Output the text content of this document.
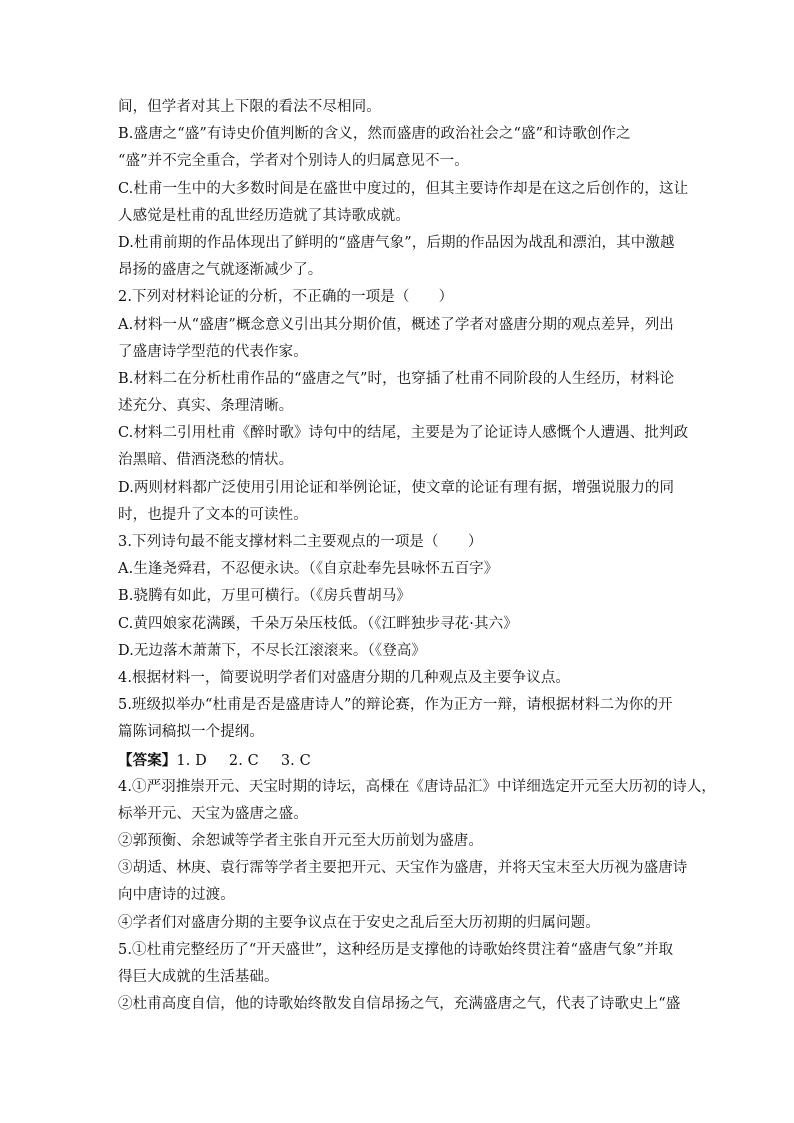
间，但学者对其上下限的看法不尽相同。
B.盛唐之“盛”有诗史价值判断的含义，然而盛唐的政治社会之“盛”和诗歌创作之
“盛”并不完全重合，学者对个别诗人的归属意见不一。
C.杜甫一生中的大多数时间是在盛世中度过的，但其主要诗作却是在这之后创作的，这让
人感觉是杜甫的乱世经历造就了其诗歌成就。
D.杜甫前期的作品体现出了鲜明的“盛唐气象”，后期的作品因为战乱和漂泊，其中激越
昂扬的盛唐之气就逐渐减少了。
2.下列对材料论证的分析，不正确的一项是（　　）
A.材料一从“盛唐”概念意义引出其分期价值，概述了学者对盛唐分期的观点差异，列出
了盛唐诗学型范的代表作家。
B.材料二在分析杜甫作品的“盛唐之气”时，也穿插了杜甫不同阶段的人生经历，材料论
述充分、真实、条理清晰。
C.材料二引用杜甫《醉时歌》诗句中的结尾，主要是为了论证诗人感慨个人遭遇、批判政
治黑暗、借酒浇愁的情状。
D.两则材料都广泛使用引用论证和举例论证，使文章的论证有理有据，增强说服力的同
时，也提升了文本的可读性。
3.下列诗句最不能支撑材料二主要观点的一项是（　　）
A.生逢尧舜君，不忍便永诀。（《自京赴奉先县咏怀五百字》
B.骁腾有如此，万里可横行。（《房兵曹胡马》
C.黄四娘家花满蹊，千朵万朵压枝低。（《江畔独步寻花·其六》
D.无边落木萧萧下，不尽长江滚滚来。（《登高》
4.根据材料一，简要说明学者们对盛唐分期的几种观点及主要争议点。
5.班级拟举办“杜甫是否是盛唐诗人”的辩论赛，作为正方一辩，请根据材料二为你的开
篇陈词稿拟一个提纲。
【答案】1. D 2. C 3. C
4.①严羽推崇开元、天宝时期的诗坛，高棅在《唐诗品汇》中详细选定开元至大历初的诗人，
标举开元、天宝为盛唐之盛。
②郭预衡、余恕诚等学者主张自开元至大历前划为盛唐。
③胡适、林庚、袁行霈等学者主要把开元、天宝作为盛唐，并将天宝末至大历视为盛唐诗
向中唐诗的过渡。
④学者们对盛唐分期的主要争议点在于安史之乱后至大历初期的归属问题。
5.①杜甫完整经历了“开天盛世”，这种经历是支撑他的诗歌始终贯注着“盛唐气象”并取
得巨大成就的生活基础。
②杜甫高度自信，他的诗歌始终散发自信昂扬之气，充满盛唐之气，代表了诗歌史上“盛
